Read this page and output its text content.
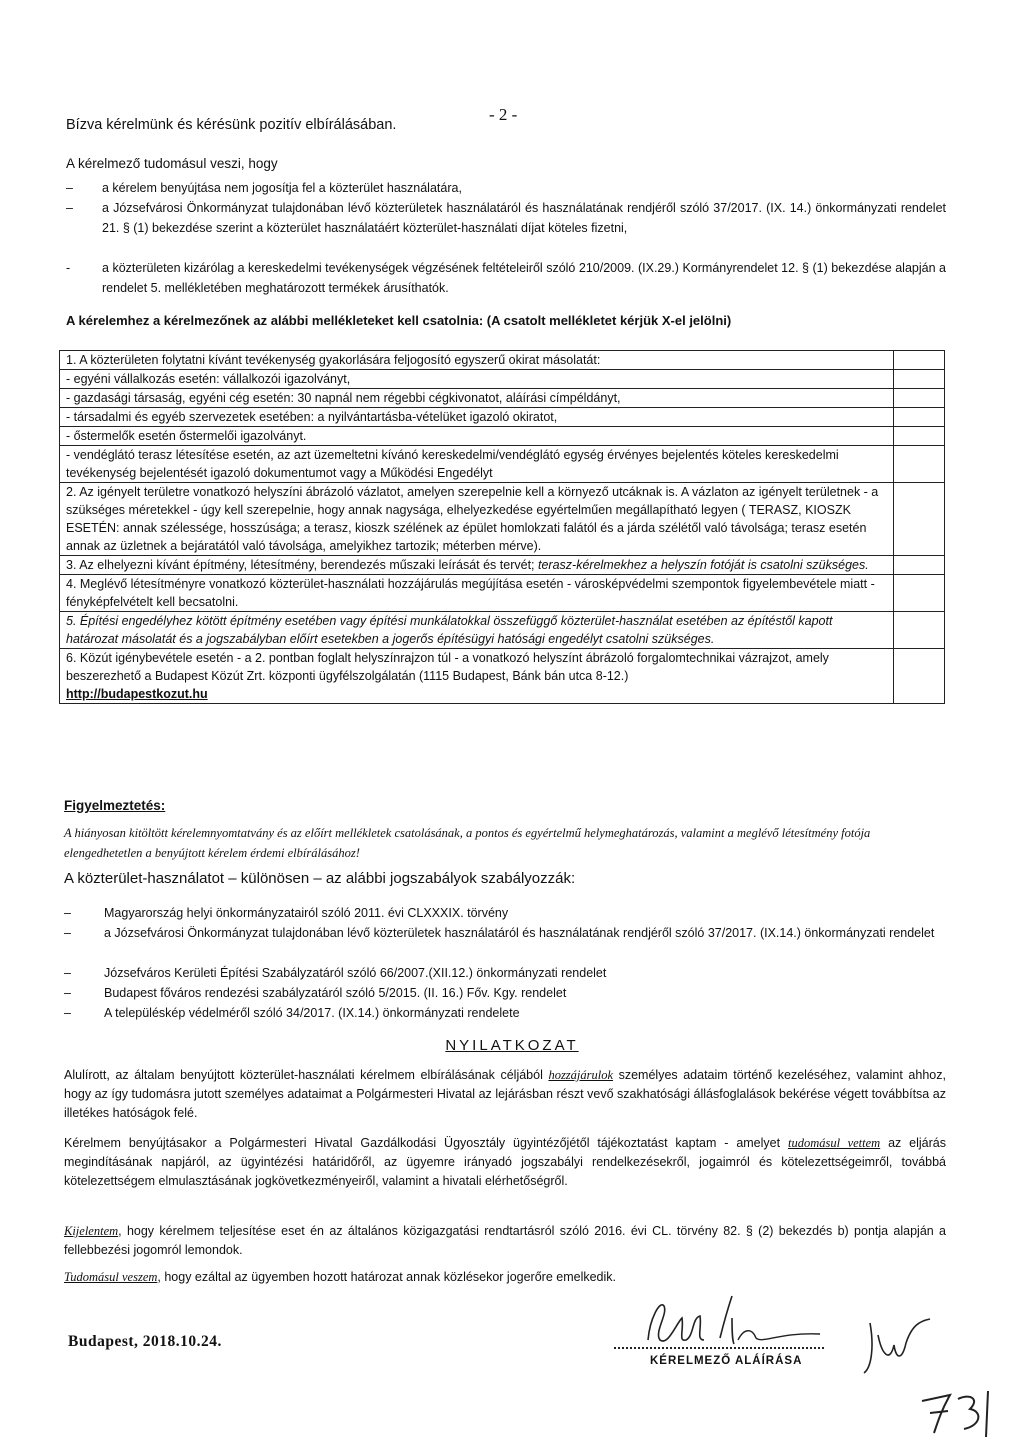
- 2 -
Bízva kérelmünk és kérésünk pozitív elbírálásában.
A kérelmező tudomásul veszi, hogy
–	a kérelem benyújtása nem jogosítja fel a közterület használatára,
–	a Józsefvárosi Önkormányzat tulajdonában lévő közterületek használatáról és használatának rendjéről szóló 37/2017. (IX. 14.) önkormányzati rendelet 21. § (1) bekezdése szerint a közterület használatáért közterület-használati díjat köteles fizetni,
-	a közterületen kizárólag a kereskedelmi tevékenységek végzésének feltételeiről szóló 210/2009. (IX.29.) Kormányrendelet 12. § (1) bekezdése alapján a rendelet 5. mellékletében meghatározott termékek árusíthatók.
A kérelemhez a kérelmezőnek az alábbi mellékleteket kell csatolnia: (A csatolt mellékletet kérjük X-el jelölni)
1. A közterületen folytatni kívánt tevékenység gyakorlására feljogosító egyszerű okirat másolatát:	
- egyéni vállalkozás esetén: vállalkozói igazolványt,	
- gazdasági társaság, egyéni cég esetén: 30 napnál nem régebbi cégkivonatot, aláírási címpéldányt,	
- társadalmi és egyéb szervezetek esetében: a nyilvántartásba-vételüket igazoló okiratot,	
- őstermelők esetén őstermelői igazolványt.	
- vendéglátó terasz létesítése esetén, az azt üzemeltetni kívánó kereskedelmi/vendéglátó egység érvényes bejelentés köteles kereskedelmi tevékenység bejelentését igazoló dokumentumot vagy a Működési Engedélyt	
2. Az igényelt területre vonatkozó helyszíni ábrázoló vázlatot, amelyen szerepelnie kell a környező utcáknak is. A vázlaton az igényelt területnek - a szükséges méretekkel - úgy kell szerepelnie, hogy annak nagysága, elhelyezkedése egyértelműen megállapítható legyen ( TERASZ, KIOSZK ESETÉN: annak szélessége, hosszúsága; a terasz, kioszk szélének az épület homlokzati falától és a járda szélétől való távolsága; terasz esetén annak az üzletnek a bejáratától való távolsága, amelyikhez tartozik; méterben mérve).	
3. Az elhelyezni kívánt építmény, létesítmény, berendezés műszaki leírását és tervét; terasz-kérelmekhez a helyszín fotóját is csatolni szükséges.	
4. Meglévő létesítményre vonatkozó közterület-használati hozzájárulás megújítása esetén - városképvédelmi szempontok figyelembevétele miatt - fényképfelvételt kell becsatolni.	
5. Építési engedélyhez kötött építmény esetében vagy építési munkálatokkal összefüggő közterület-használat esetében az építéstől kapott határozat másolatát és a jogszabályban előírt esetekben a jogerős építésügyi hatósági engedélyt csatolni szükséges.	
6. Közút igénybevétele esetén - a 2. pontban foglalt helyszínrajzon túl - a vonatkozó helyszínt ábrázoló forgalomtechnikai vázrajzot, amely beszerezhető a Budapest Közút Zrt. központi ügyfélszolgálatán (1115 Budapest, Bánk bán utca 8-12.)
http://budapestkozut.hu	
Figyelmeztetés:
A hiányosan kitöltött kérelemnyomtatvány és az előírt mellékletek csatolásának, a pontos és egyértelmű helymeghatározás, valamint a meglévő létesítmény fotója elengedhetetlen a benyújtott kérelem érdemi elbírálásához!
A közterület-használatot – különösen – az alábbi jogszabályok szabályozzák:
–	Magyarország helyi önkormányzatairól szóló 2011. évi CLXXXIX. törvény
–	a Józsefvárosi Önkormányzat tulajdonában lévő közterületek használatáról és használatának rendjéről szóló 37/2017. (IX.14.) önkormányzati rendelet
–	Józsefváros Kerületi Építési Szabályzatáról szóló 66/2007.(XII.12.) önkormányzati rendelet
–	Budapest főváros rendezési szabályzatáról szóló 5/2015. (II. 16.) Főv. Kgy. rendelet
–	A településkép védelméről szóló 34/2017. (IX.14.) önkormányzati rendelete
NYILATKOZAT
Alulírott, az általam benyújtott közterület-használati kérelmem elbírálásának céljából hozzájárulok személyes adataim történő kezeléséhez, valamint ahhoz, hogy az így tudomásra jutott személyes adataimat a Polgármesteri Hivatal az lejárásban részt vevő szakhatósági állásfoglalások bekérése végett továbbítsa az illetékes hatóságok felé.
Kérelmem benyújtásakor a Polgármesteri Hivatal Gazdálkodási Ügyosztály ügyintézőjétől tájékoztatást kaptam - amelyet tudomásul vettem az eljárás megindításának napjáról, az ügyintézési határidőről, az ügyemre irányadó jogszabályi rendelkezésekről, jogaimról és kötelezettségeimről, továbbá kötelezettségem elmulasztásának jogkövetkezményeiről, valamint a hivatali elérhetőségről.
Kijelentem, hogy kérelmem teljesítése eset én az általános közigazgatási rendtartásról szóló 2016. évi CL. törvény 82. § (2) bekezdés b) pontja alapján a fellebbezési jogomról lemondok.
Tudomásul veszem, hogy ezáltal az ügyemben hozott határozat annak közlésekor jogerőre emelkedik.
Budapest, 2018.10.24.
KÉRELMEZŐ ALÁÍRÁSA
